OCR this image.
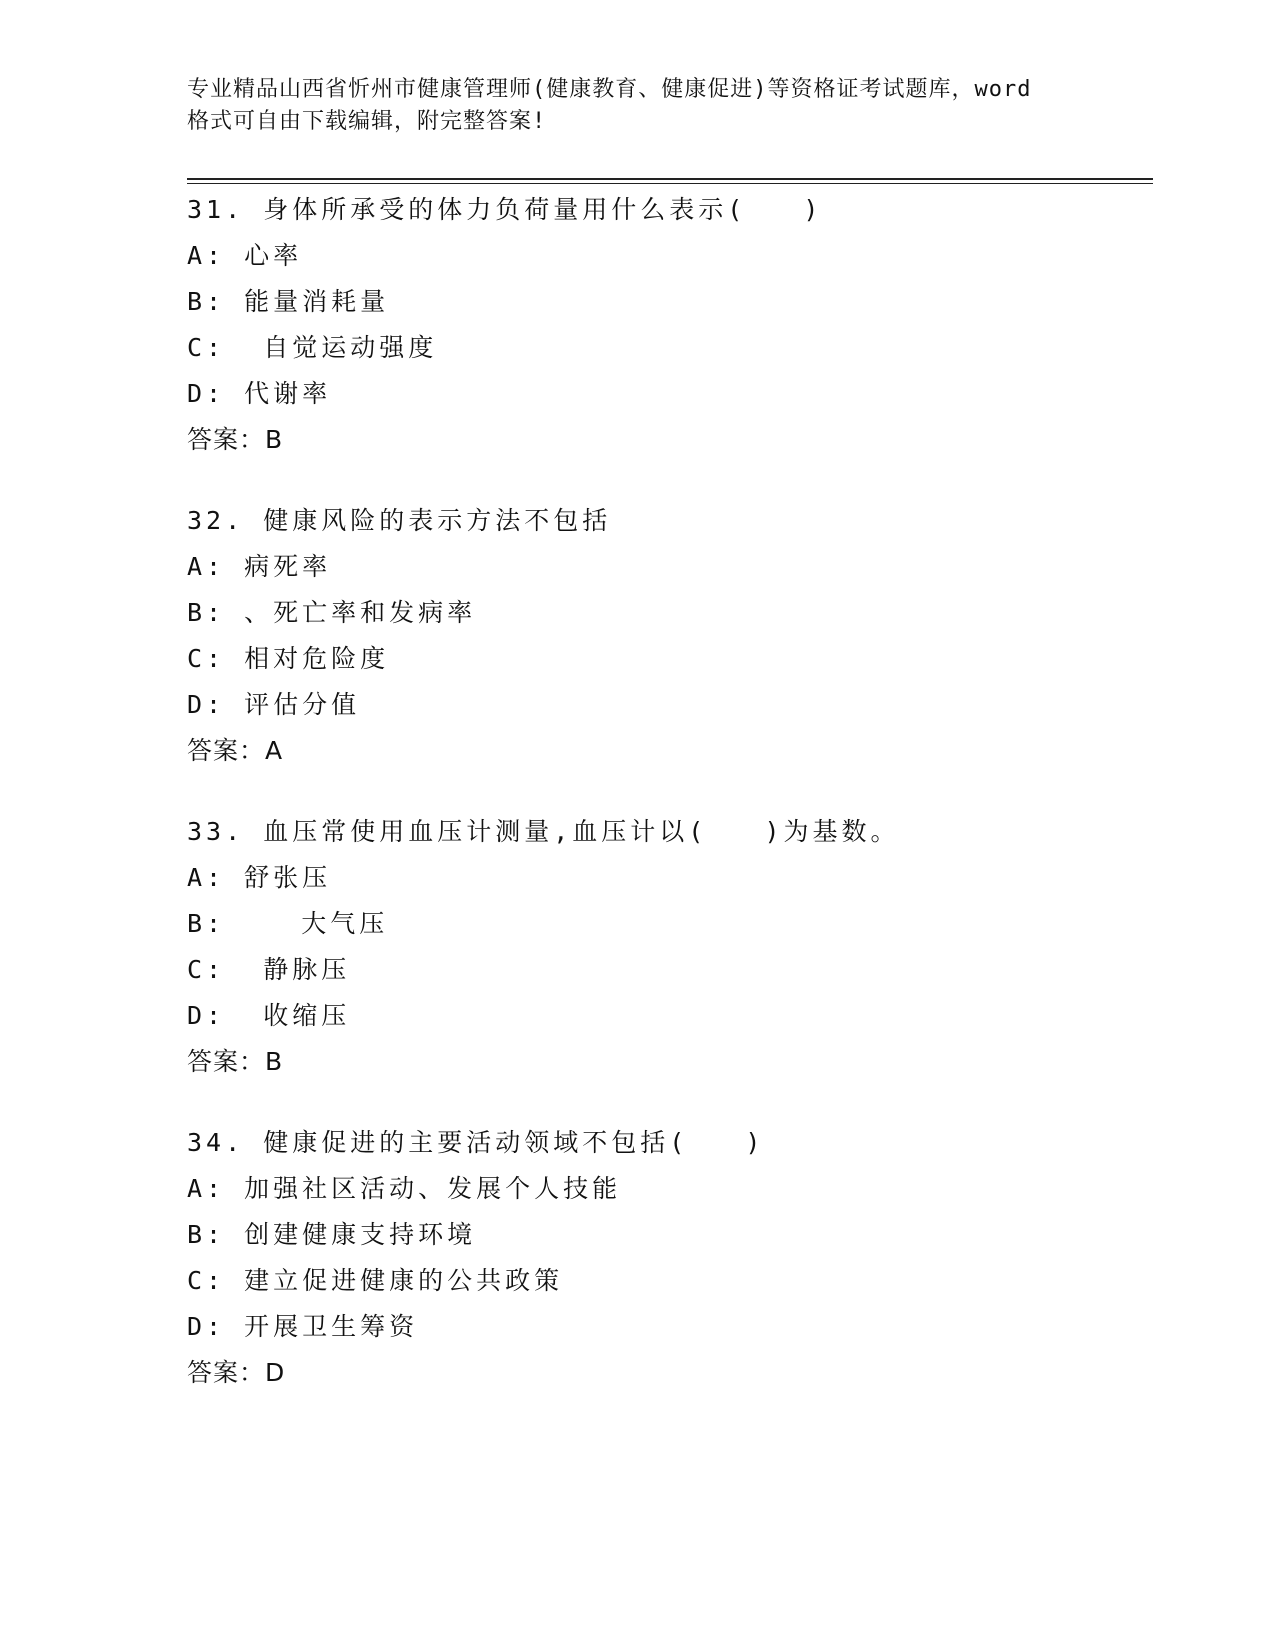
专业精品山西省忻州市健康管理师(健康教育、健康促进)等资格证考试题库，word
格式可自由下载编辑，附完整答案!
31. 身体所承受的体力负荷量用什么表示(   )
A: 心率
B: 能量消耗量
C:  自觉运动强度
D: 代谢率
答案：B
32. 健康风险的表示方法不包括
A: 病死率
B: 、死亡率和发病率
C: 相对危险度
D: 评估分值
答案：A
33. 血压常使用血压计测量,血压计以(   )为基数。
A: 舒张压
B:    大气压
C:  静脉压
D:  收缩压
答案：B
34. 健康促进的主要活动领域不包括(   )
A: 加强社区活动、发展个人技能
B: 创建健康支持环境
C: 建立促进健康的公共政策
D: 开展卫生筹资
答案：D
